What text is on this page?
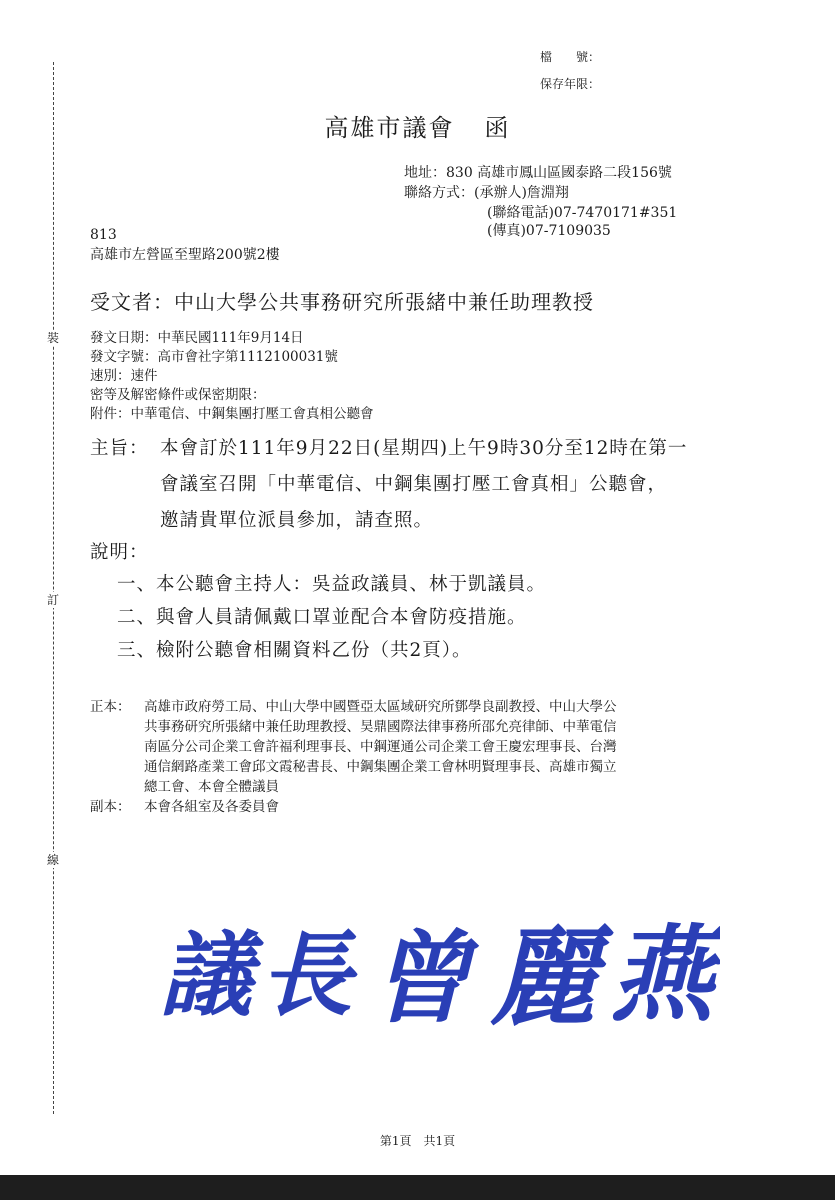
裝
訂
線
檔　　號：
保存年限：
高雄市議會 函
地址：830 高雄市鳳山區國泰路二段156號
聯絡方式：(承辦人)詹淵翔
(聯絡電話)07-7470171#351
(傳真)07-7109035
813
高雄市左營區至聖路200號2樓
受文者：中山大學公共事務研究所張緒中兼任助理教授
發文日期：中華民國111年9月14日
發文字號：高市會社字第1112100031號
速別：速件
密等及解密條件或保密期限：
附件：中華電信、中鋼集團打壓工會真相公聽會
主旨： 本會訂於111年9月22日(星期四)上午9時30分至12時在第一
會議室召開「中華電信、中鋼集團打壓工會真相」公聽會，
邀請貴單位派員參加，請查照。
說明：
一、本公聽會主持人：吳益政議員、林于凱議員。
二、與會人員請佩戴口罩並配合本會防疫措施。
三、檢附公聽會相關資料乙份（共2頁）。
正本： 高雄市政府勞工局、中山大學中國暨亞太區域研究所鄧學良副教授、中山大學公
共事務研究所張緒中兼任助理教授、昊鼎國際法律事務所邵允亮律師、中華電信
南區分公司企業工會許福利理事長、中鋼運通公司企業工會王慶宏理事長、台灣
通信網路產業工會邱文霞秘書長、中鋼集團企業工會林明賢理事長、高雄市獨立
總工會、本會全體議員
副本： 本會各組室及各委員會
議 長 曾 麗 燕
第1頁　共1頁
